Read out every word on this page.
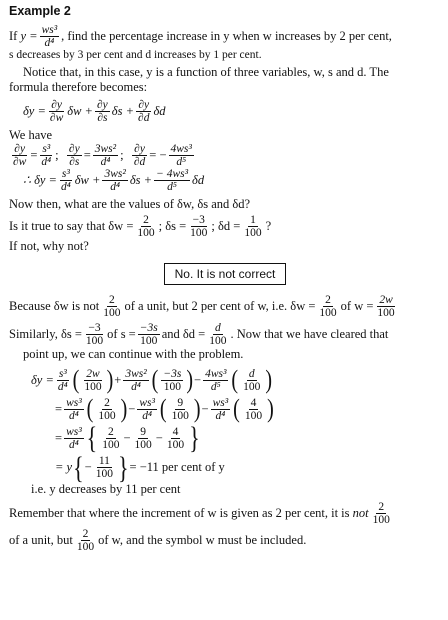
Example 2
If
$y = \frac{\text{ws³}}{\text{d⁴}}$ , find the percentage increase in y when w increases by 2 per cent,
s decreases by 3 per cent and d increases by 1 per cent.
Notice that, in this case, y is a function of three variables, w, s and d. The
formula therefore becomes:
$\delta y = \frac{\partial y}{\partial w}$ $\delta w + \frac{\partial y}{\partial s}$ $\delta s + \frac{\partial y}{\partial d}$ δd
We have
$\frac{\partial y}{\partial w} = \frac{\text{s³}}{\text{d⁴}}$ ;
$\frac{\partial y}{\partial s} = \frac{\text{3ws²}}{\text{d⁴}}$ ;
$\frac{\partial y}{\partial d}$ = − $\frac{\text{4ws³}}{\text{d⁵}}$
∴ $\delta y = \frac{\text{s³}}{\text{d⁴}}$ $\delta w + \frac{\text{3ws²}}{\text{d⁴}}$ $\delta s + \frac{\text{− 4ws³}}{\text{d⁵}}$ δd
Now then, what are the values of δw, δs and δd?
Is it true to say that $\delta w = \frac{2}{100}$ ; $\delta s = \frac{-3}{100}$ ; $\delta d = \frac{1}{100}$ ?
If not, why not?
No. It is not correct
Because δw is not $\frac{2}{100}$ of a unit, but 2 per cent of w, i.e. $\delta w = \frac{2}{100}$ of $w = \frac{2w}{100}$
Similarly, $\delta s = \frac{-3}{100}$ of $s = \frac{-3s}{100}$ and $\delta d = \frac{d}{100}$ . Now that we have cleared that
point up, we can continue with the problem.
$\delta y = \frac{\text{s³}}{\text{d⁴}}$ ( $\frac{2w}{100}$ ) + $\frac{\text{3ws²}}{\text{d⁴}}$ ( $\frac{-3s}{100}$ ) − $\frac{\text{4ws³}}{\text{d⁵}}$ ( $\frac{d}{100}$ )
= $\frac{\text{ws³}}{\text{d⁴}}$ ( $\frac{2}{100}$ ) − $\frac{\text{ws³}}{\text{d⁴}}$ ( $\frac{9}{100}$ ) − $\frac{\text{ws³}}{\text{d⁴}}$ ( $\frac{4}{100}$ )
= $\frac{\text{ws³}}{\text{d⁴}}$ { $\frac{2}{100} - \frac{9}{100} - \frac{4}{100}$ }
= y { − $\frac{11}{100}$ } = −11 per cent of y
i.e. y decreases by 11 per cent
Remember that where the increment of w is given as 2 per cent, it is
not $\frac{2}{100}$
of a unit, but $\frac{2}{100}$ of w, and the symbol w must be included.
